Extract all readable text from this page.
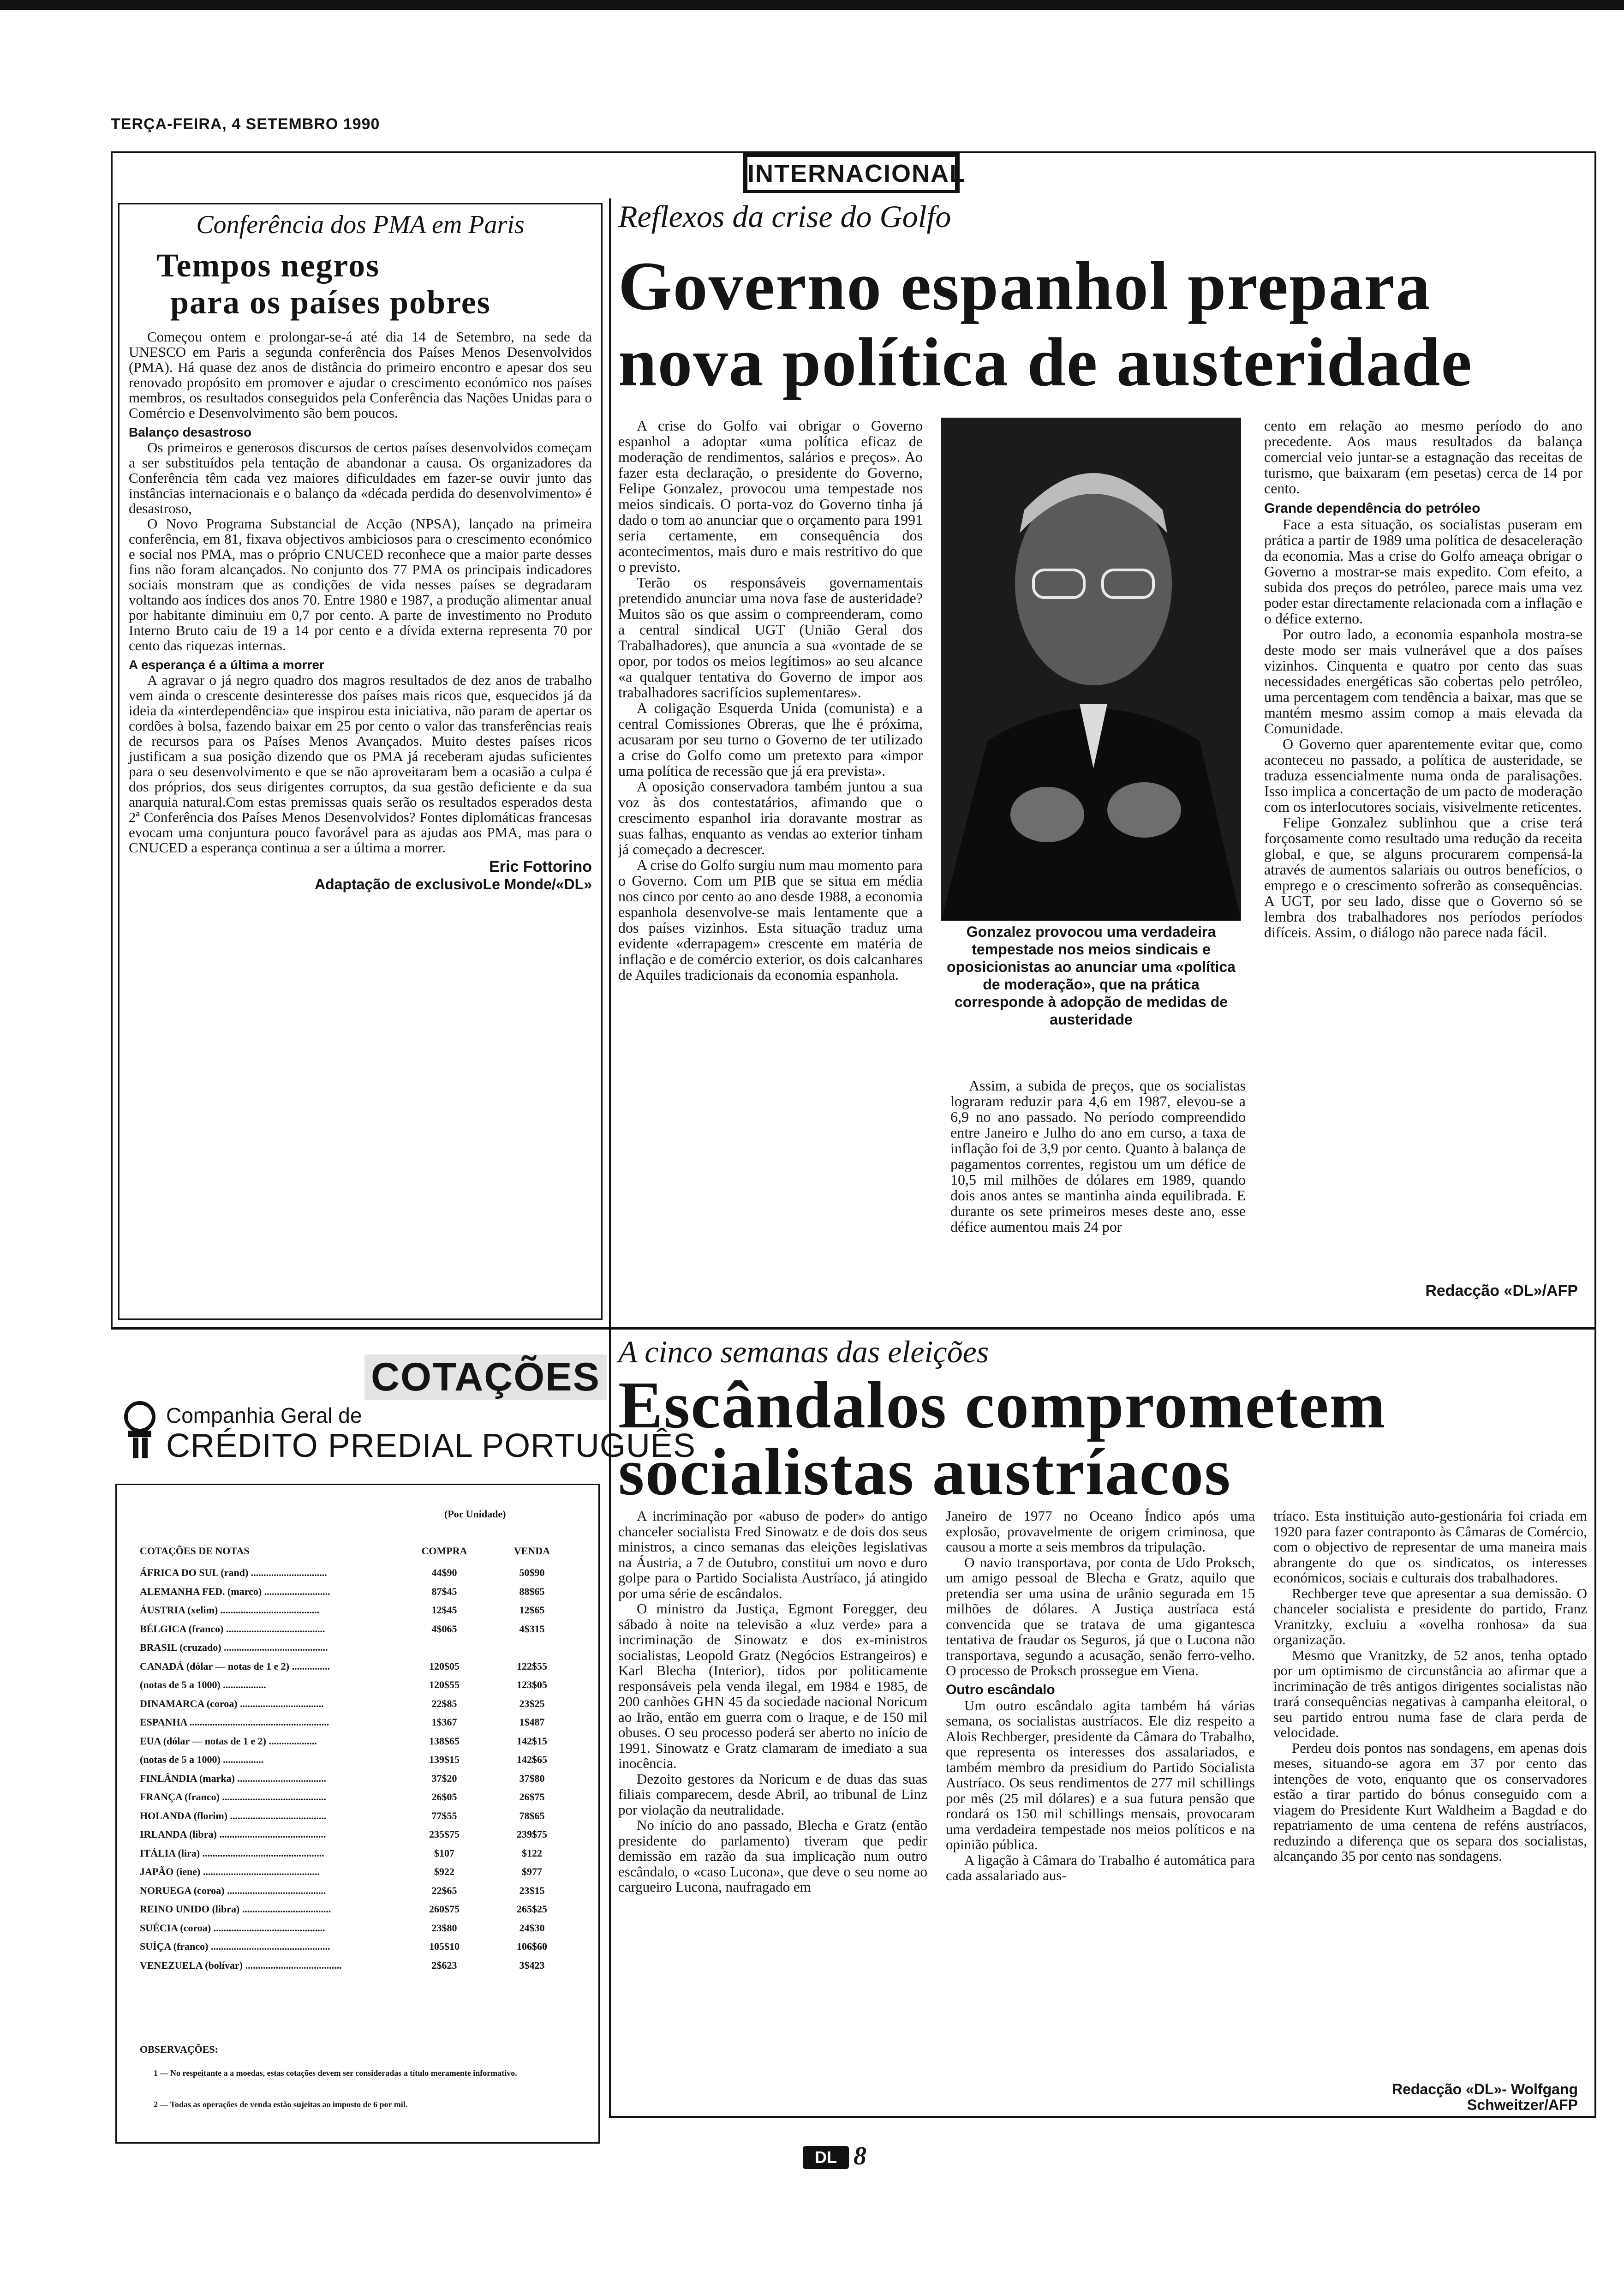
TERÇA-FEIRA, 4 SETEMBRO 1990
INTERNACIONAL
Conferência dos PMA em Paris
Tempos negros
para os países pobres

Começou ontem e prolongar-se-á até dia 14 de Setembro, na sede da UNESCO em Paris a segunda conferência dos Países Menos Desenvolvidos (PMA). Há quase dez anos de distância do primeiro encontro e apesar dos seu renovado propósito em promover e ajudar o crescimento económico nos países membros, os resultados conseguidos pela Conferência das Nações Unidas para o Comércio e Desenvolvimento são bem poucos.

Balanço desastroso

Os primeiros e generosos discursos de certos países desenvolvidos começam a ser substituídos pela tentação de abandonar a causa. Os organizadores da Conferência têm cada vez maiores dificuldades em fazer-se ouvir junto das instâncias internacionais e o balanço da «década perdida do desenvolvimento» é desastroso,

O Novo Programa Substancial de Acção (NPSA), lançado na primeira conferência, em 81, fixava objectivos ambiciosos para o crescimento económico e social nos PMA, mas o próprio CNUCED reconhece que a maior parte desses fins não foram alcançados. No conjunto dos 77 PMA os principais indicadores sociais monstram que as condições de vida nesses países se degradaram voltando aos índices dos anos 70. Entre 1980 e 1987, a produção alimentar anual por habitante diminuiu em 0,7 por cento. A parte de investimento no Produto Interno Bruto caiu de 19 a 14 por cento e a dívida externa representa 70 por cento das riquezas internas.

A esperança é a última a morrer

A agravar o já negro quadro dos magros resultados de dez anos de trabalho vem ainda o crescente desinteresse dos países mais ricos que, esquecidos já da ideia da «interdependência» que inspirou esta iniciativa, não param de apertar os cordões à bolsa, fazendo baixar em 25 por cento o valor das transferências reais de recursos para os Países Menos Avançados. Muito destes países ricos justificam a sua posição dizendo que os PMA já receberam ajudas suficientes para o seu desenvolvimento e que se não aproveitaram bem a ocasião a culpa é dos próprios, dos seus dirigentes corruptos, da sua gestão deficiente e da sua anarquia natural.Com estas premissas quais serão os resultados esperados desta 2ª Conferência dos Países Menos Desenvolvidos? Fontes diplomáticas francesas evocam uma conjuntura pouco favorável para as ajudas aos PMA, mas para o CNUCED a esperança continua a ser a última a morrer.

Eric Fottorino
Adaptação de exclusivoLe Monde/«DL»
Reflexos da crise do Golfo
Governo espanhol prepara
nova política de austeridade

A crise do Golfo vai obrigar o Governo espanhol a adoptar «uma política eficaz de moderação de rendimentos, salários e preços». Ao fazer esta declaração, o presidente do Governo, Felipe Gonzalez, provocou uma tempestade nos meios sindicais. O porta-voz do Governo tinha já dado o tom ao anunciar que o orçamento para 1991 seria certamente, em consequência dos acontecimentos, mais duro e mais restritivo do que o previsto.

Terão os responsáveis governamentais pretendido anunciar uma nova fase de austeridade? Muitos são os que assim o compreenderam, como a central sindical UGT (União Geral dos Trabalhadores), que anuncia a sua «vontade de se opor, por todos os meios legítimos» ao seu alcance «a qualquer tentativa do Governo de impor aos trabalhadores sacrifícios suplementares».

A coligação Esquerda Unida (comunista) e a central Comissiones Obreras, que lhe é próxima, acusaram por seu turno o Governo de ter utilizado a crise do Golfo como um pretexto para «impor uma política de recessão que já era prevista».

A oposição conservadora também juntou a sua voz às dos contestatários, afimando que o crescimento espanhol iria doravante mostrar as suas falhas, enquanto as vendas ao exterior tinham já começado a decrescer.

A crise do Golfo surgiu num mau momento para o Governo. Com um PIB que se situa em média nos cinco por cento ao ano desde 1988, a economia espanhola desenvolve-se mais lentamente que a dos países vizinhos. Esta situação traduz uma evidente «derrapagem» crescente em matéria de inflação e de comércio exterior, os dois calcanhares de Aquiles tradicionais da economia espanhola.

Gonzalez provocou uma verdadeira tempestade nos meios sindicais e oposicionistas ao anunciar uma «política de moderação», que na prática corresponde à adopção de medidas de austeridade

Assim, a subida de preços, que os socialistas lograram reduzir para 4,6 em 1987, elevou-se a 6,9 no ano passado. No período compreendido entre Janeiro e Julho do ano em curso, a taxa de inflação foi de 3,9 por cento. Quanto à balança de pagamentos correntes, registou um um défice de 10,5 mil milhões de dólares em 1989, quando dois anos antes se mantinha ainda equilibrada. E durante os sete primeiros meses deste ano, esse défice aumentou mais 24 por

cento em relação ao mesmo período do ano precedente. Aos maus resultados da balança comercial veio juntar-se a estagnação das receitas de turismo, que baixaram (em pesetas) cerca de 14 por cento.

Grande dependência do petróleo

Face a esta situação, os socialistas puseram em prática a partir de 1989 uma política de desaceleração da economia. Mas a crise do Golfo ameaça obrigar o Governo a mostrar-se mais expedito. Com efeito, a subida dos preços do petróleo, parece mais uma vez poder estar directamente relacionada com a inflação e o défice externo.

Por outro lado, a economia espanhola mostra-se deste modo ser mais vulnerável que a dos países vizinhos. Cinquenta e quatro por cento das suas necessidades energéticas são cobertas pelo petróleo, uma percentagem com tendência a baixar, mas que se mantém mesmo assim comop a mais elevada da Comunidade.

O Governo quer aparentemente evitar que, como aconteceu no passado, a política de austeridade, se traduza essencialmente numa onda de paralisações. Isso implica a concertação de um pacto de moderação com os interlocutores sociais, visivelmente reticentes.

Felipe Gonzalez sublinhou que a crise terá forçosamente como resultado uma redução da receita global, e que, se alguns procurarem compensá-la através de aumentos salariais ou outros benefícios, o emprego e o crescimento sofrerão as consequências. A UGT, por seu lado, disse que o Governo só se lembra dos trabalhadores nos períodos períodos difíceis. Assim, o diálogo não parece nada fácil.

Redacção «DL»/AFP
COTAÇÕES
Companhia Geral de
CRÉDITO PREDIAL PORTUGUÊS
(Por Unidade)
COTAÇÕES DE NOTAS	COMPRA	VENDA
ÁFRICA DO SUL (rand) ..............................	44$90	50$90
ALEMANHA FED. (marco) ..........................	87$45	88$65
ÁUSTRIA (xelim) .......................................	12$45	12$65
BÉLGICA (franco) .......................................	4$065	4$315
BRASIL (cruzado) .........................................		
CANADÁ (dólar — notas de 1 e 2) ...............	120$05	122$55
(notas de 5 a 1000) .................	120$55	123$05
DINAMARCA (coroa) .................................	22$85	23$25
ESPANHA .......................................................	1$367	1$487
EUA (dólar — notas de 1 e 2) ...................	138$65	142$15
(notas de 5 a 1000) ................	139$15	142$65
FINLÂNDIA (marka) ...................................	37$20	37$80
FRANÇA (franco) .........................................	26$05	26$75
HOLANDA (florim) ......................................	77$55	78$65
IRLANDA (libra) ..........................................	235$75	239$75
ITÁLIA (lira) ................................................	$107	$122
JAPÃO (iene) ..............................................	$922	$977
NORUEGA (coroa) .......................................	22$65	23$15
REINO UNIDO (libra) ...................................	260$75	265$25
SUÉCIA (coroa) ............................................	23$80	24$30
SUÍÇA (franco) ...............................................	105$10	106$60
VENEZUELA (bolívar) ......................................	2$623	3$423
OBSERVAÇÕES:
1 — No respeitante a a moedas, estas cotações devem ser consideradas a título meramente informativo.
2 — Todas as operações de venda estão sujeitas ao imposto de 6 por mil.
A cinco semanas das eleições
Escândalos comprometem
socialistas austríacos

A incriminação por «abuso de poder» do antigo chanceler socialista Fred Sinowatz e de dois dos seus ministros, a cinco semanas das eleições legislativas na Áustria, a 7 de Outubro, constitui um novo e duro golpe para o Partido Socialista Austríaco, já atingido por uma série de escândalos.

O ministro da Justiça, Egmont Foregger, deu sábado à noite na televisão a «luz verde» para a incriminação de Sinowatz e dos ex-ministros socialistas, Leopold Gratz (Negócios Estrangeiros) e Karl Blecha (Interior), tidos por politicamente responsáveis pela venda ilegal, em 1984 e 1985, de 200 canhões GHN 45 da sociedade nacional Noricum ao Irão, então em guerra com o Iraque, e de 150 mil obuses. O seu processo poderá ser aberto no início de 1991. Sinowatz e Gratz clamaram de imediato a sua inocência.

Dezoito gestores da Noricum e de duas das suas filiais comparecem, desde Abril, ao tribunal de Linz por violação da neutralidade.

No início do ano passado, Blecha e Gratz (então presidente do parlamento) tiveram que pedir demissão em razão da sua implicação num outro escândalo, o «caso Lucona», que deve o seu nome ao cargueiro Lucona, naufragado em

Janeiro de 1977 no Oceano Índico após uma explosão, provavelmente de origem criminosa, que causou a morte a seis membros da tripulação.

O navio transportava, por conta de Udo Proksch, um amigo pessoal de Blecha e Gratz, aquilo que pretendia ser uma usina de urânio segurada em 15 milhões de dólares. A Justiça austríaca está convencida que se tratava de uma gigantesca tentativa de fraudar os Seguros, já que o Lucona não transportava, segundo a acusação, senão ferro-velho. O processo de Proksch prossegue em Viena.

Outro escândalo

Um outro escândalo agita também há várias semana, os socialistas austríacos. Ele diz respeito a Alois Rechberger, presidente da Câmara do Trabalho, que representa os interesses dos assalariados, e também membro da presidium do Partido Socialista Austríaco. Os seus rendimentos de 277 mil schillings por mês (25 mil dólares) e a sua futura pensão que rondará os 150 mil schillings mensais, provocaram uma verdadeira tempestade nos meios políticos e na opinião pública.

A ligação à Câmara do Trabalho é automática para cada assalariado aus-

tríaco. Esta instituição auto-gestionária foi criada em 1920 para fazer contraponto às Câmaras de Comércio, com o objectivo de representar de uma maneira mais abrangente do que os sindicatos, os interesses económicos, sociais e culturais dos trabalhadores.

Rechberger teve que apresentar a sua demissão. O chanceler socialista e presidente do partido, Franz Vranitzky, excluiu a «ovelha ronhosa» da sua organização.

Mesmo que Vranitzky, de 52 anos, tenha optado por um optimismo de circunstância ao afirmar que a incriminação de três antigos dirigentes socialistas não trará consequências negativas à campanha eleitoral, o seu partido entrou numa fase de clara perda de velocidade.

Perdeu dois pontos nas sondagens, em apenas dois meses, situando-se agora em 37 por cento das intenções de voto, enquanto que os conservadores estão a tirar partido do bónus conseguido com a viagem do Presidente Kurt Waldheim a Bagdad e do repatriamento de uma centena de reféns austríacos, reduzindo a diferença que os separa dos socialistas, alcançando 35 por cento nas sondagens.

Redacção «DL»- Wolfgang
Schweitzer/AFP
DL 8
